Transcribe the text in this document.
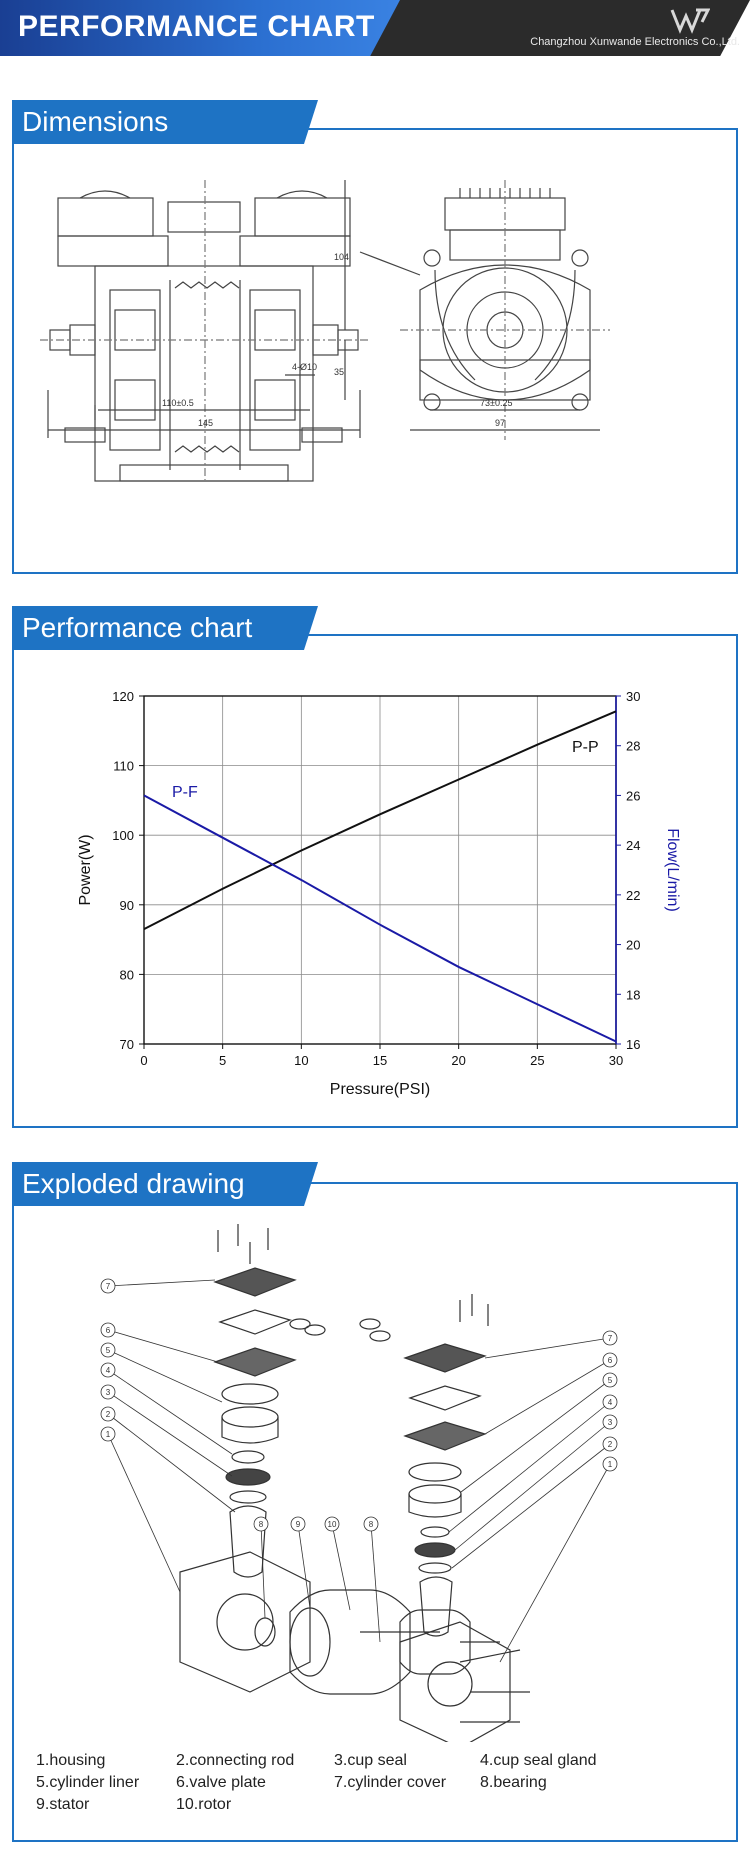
PERFORMANCE CHART	Changzhou Xunwande Electronics Co.,Ltd.
Dimensions
110±0.5
145
4-Ø10
104
35
73±0.25
97
Performance chart
0	5	10	15	20	25	30
70
80
90
100
110
120
16
18
20
22
24
26
28
30
Pressure(PSI)
Power(W)	Flow(L/min)
P-P
P-F
Exploded drawing
7
6
5
4
3
2
1
7
6
5
4
3
2
1
8	9	10	8
1.housing	2.connecting rod 3.cup seal	4.cup seal gland
5.cylinder liner 6.valve plate	7.cylinder cover 8.bearing
9.stator	10.rotor
